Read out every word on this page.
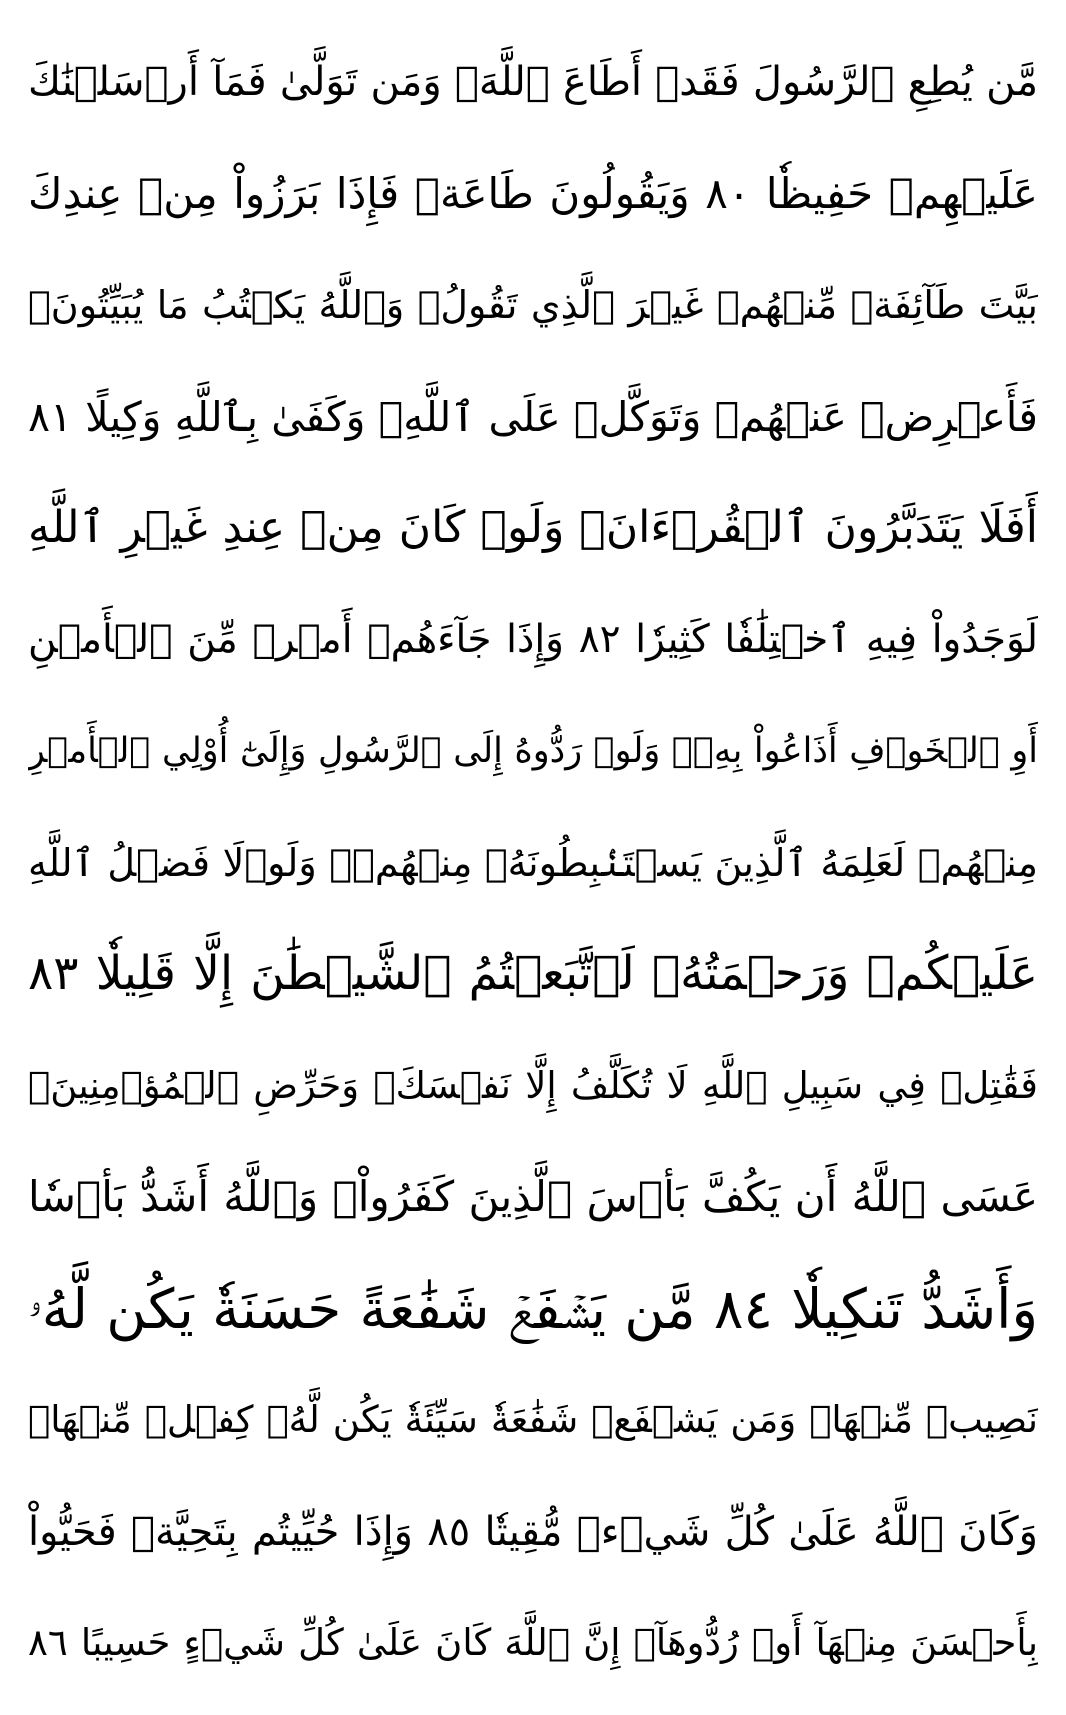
مَّن يُطِعِ ٱلرَّسُولَ فَقَدۡ أَطَاعَ ٱللَّهَۖ وَمَن تَوَلَّىٰ فَمَآ أَرۡسَلۡنَٰكَ
عَلَيۡهِمۡ حَفِيظٗا ٨٠ وَيَقُولُونَ طَاعَةٞ فَإِذَا بَرَزُواْ مِنۡ عِندِكَ
بَيَّتَ طَآئِفَةٞ مِّنۡهُمۡ غَيۡرَ ٱلَّذِي تَقُولُۖ وَٱللَّهُ يَكۡتُبُ مَا يُبَيِّتُونَۖ
فَأَعۡرِضۡ عَنۡهُمۡ وَتَوَكَّلۡ عَلَى ٱللَّهِۚ وَكَفَىٰ بِٱللَّهِ وَكِيلًا ٨١
أَفَلَا يَتَدَبَّرُونَ ٱلۡقُرۡءَانَۚ وَلَوۡ كَانَ مِنۡ عِندِ غَيۡرِ ٱللَّهِ
لَوَجَدُواْ فِيهِ ٱخۡتِلَٰفٗا كَثِيرٗا ٨٢ وَإِذَا جَآءَهُمۡ أَمۡرٞ مِّنَ ٱلۡأَمۡنِ
أَوِ ٱلۡخَوۡفِ أَذَاعُواْ بِهِۦۖ وَلَوۡ رَدُّوهُ إِلَى ٱلرَّسُولِ وَإِلَىٰٓ أُوْلِي ٱلۡأَمۡرِ
مِنۡهُمۡ لَعَلِمَهُ ٱلَّذِينَ يَسۡتَنۢبِطُونَهُۥ مِنۡهُمۡۗ وَلَوۡلَا فَضۡلُ ٱللَّهِ
عَلَيۡكُمۡ وَرَحۡمَتُهُۥ لَٱتَّبَعۡتُمُ ٱلشَّيۡطَٰنَ إِلَّا قَلِيلٗا ٨٣
فَقَٰتِلۡ فِي سَبِيلِ ٱللَّهِ لَا تُكَلَّفُ إِلَّا نَفۡسَكَۚ وَحَرِّضِ ٱلۡمُؤۡمِنِينَۖ
عَسَى ٱللَّهُ أَن يَكُفَّ بَأۡسَ ٱلَّذِينَ كَفَرُواْۚ وَٱللَّهُ أَشَدُّ بَأۡسٗا
وَأَشَدُّ تَنكِيلٗا ٨٤ مَّن يَشۡفَعۡ شَفَٰعَةً حَسَنَةٗ يَكُن لَّهُۥ
نَصِيبٞ مِّنۡهَاۖ وَمَن يَشۡفَعۡ شَفَٰعَةٗ سَيِّئَةٗ يَكُن لَّهُۥ كِفۡلٞ مِّنۡهَاۗ
وَكَانَ ٱللَّهُ عَلَىٰ كُلِّ شَيۡءٖ مُّقِيتٗا ٨٥ وَإِذَا حُيِّيتُم بِتَحِيَّةٖ فَحَيُّواْ
بِأَحۡسَنَ مِنۡهَآ أَوۡ رُدُّوهَآۗ إِنَّ ٱللَّهَ كَانَ عَلَىٰ كُلِّ شَيۡءٍ حَسِيبًا ٨٦
